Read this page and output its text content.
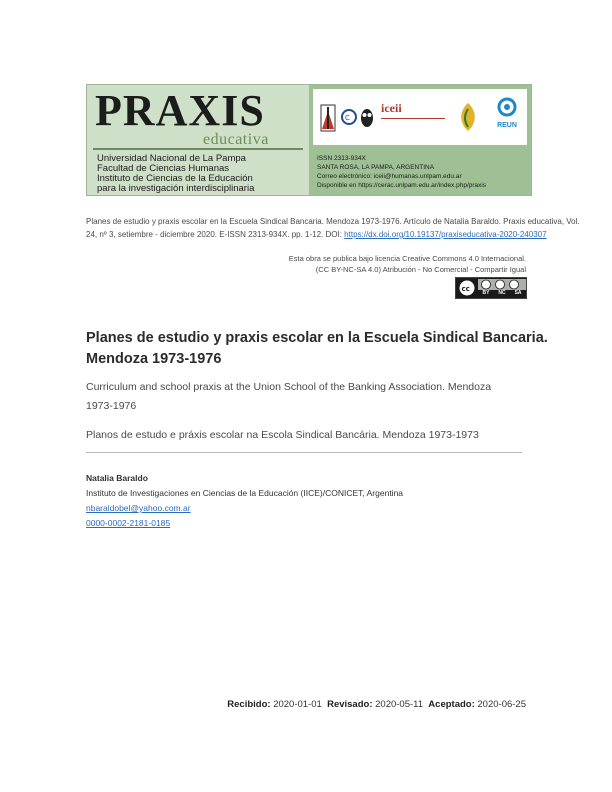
PRAXIS
educativa
Universidad Nacional de La Pampa
Facultad de Ciencias Humanas
Instituto de Ciencias de la Educación
para la investigación interdisciplinaria
C
iceii
REUN
ISSN 2313-934X
SANTA ROSA, LA PAMPA, ARGENTINA
Correo electrónico: iceii@humanas.unlpam.edu.ar
Disponible en https://cerac.unlpam.edu.ar/index.php/praxis
Planes de estudio y praxis escolar en la Escuela Sindical Bancaria. Mendoza 1973-1976. Artículo de Natalia Baraldo. Praxis educativa, Vol.
24, nº 3, setiembre - diciembre 2020. E-ISSN 2313-934X. pp. 1-12. DOI: https://dx.doi.org/10.19137/praxiseducativa-2020-240307
Esta obra se publica bajo licencia Creative Commons 4.0 Internacional.
(CC BY-NC-SA 4.0) Atribución - No Comercial - Compartir Igual
cc	BY NC SA
Planes de estudio y praxis escolar en la Escuela Sindical Bancaria.
Mendoza 1973-1976
Curriculum and school praxis at the Union School of the Banking Association. Mendoza
1973-1976
Planos de estudo e práxis escolar na Escola Sindical Bancária. Mendoza 1973-1973
Natalia Baraldo
Instituto de Investigaciones en Ciencias de la Educación (IICE)/CONICET, Argentina
nbaraldobel@yahoo.com.ar
0000-0002-2181-0185
Recibido: 2020-01-01 Revisado: 2020-05-11 Aceptado: 2020-06-25
